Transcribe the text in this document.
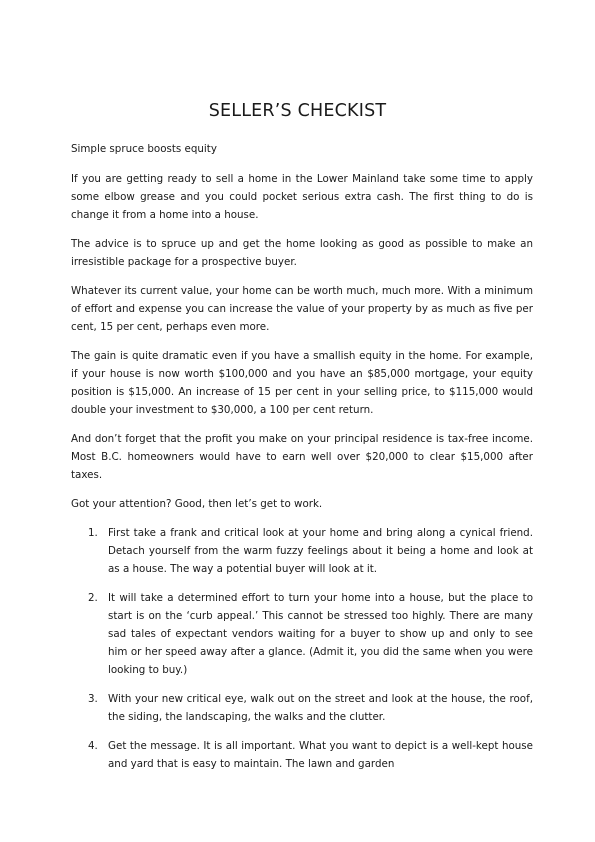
SELLER’S CHECKIST

Simple spruce boosts equity

If you are getting ready to sell a home in the Lower Mainland take some time to apply some elbow grease and you could pocket serious extra cash. The first thing to do is change it from a home into a house.

The advice is to spruce up and get the home looking as good as possible to make an irresistible package for a prospective buyer.

Whatever its current value, your home can be worth much, much more. With a minimum of effort and expense you can increase the value of your property by as much as five per cent, 15 per cent, perhaps even more.

The gain is quite dramatic even if you have a smallish equity in the home. For example, if your house is now worth $100,000 and you have an $85,000 mortgage, your equity position is $15,000. An increase of 15 per cent in your selling price, to $115,000 would double your investment to $30,000, a 100 per cent return.

And don’t forget that the profit you make on your principal residence is tax-free income. Most B.C. homeowners would have to earn well over $20,000 to clear $15,000 after taxes.

Got your attention? Good, then let’s get to work.

1. First take a frank and critical look at your home and bring along a cynical friend. Detach yourself from the warm fuzzy feelings about it being a home and look at as a house. The way a potential buyer will look at it.
2. It will take a determined effort to turn your home into a house, but the place to start is on the ‘curb appeal.’ This cannot be stressed too highly. There are many sad tales of expectant vendors waiting for a buyer to show up and only to see him or her speed away after a glance. (Admit it, you did the same when you were looking to buy.)
3. With your new critical eye, walk out on the street and look at the house, the roof, the siding, the landscaping, the walks and the clutter.
4. Get the message. It is all important. What you want to depict is a well-kept house and yard that is easy to maintain. The lawn and garden
